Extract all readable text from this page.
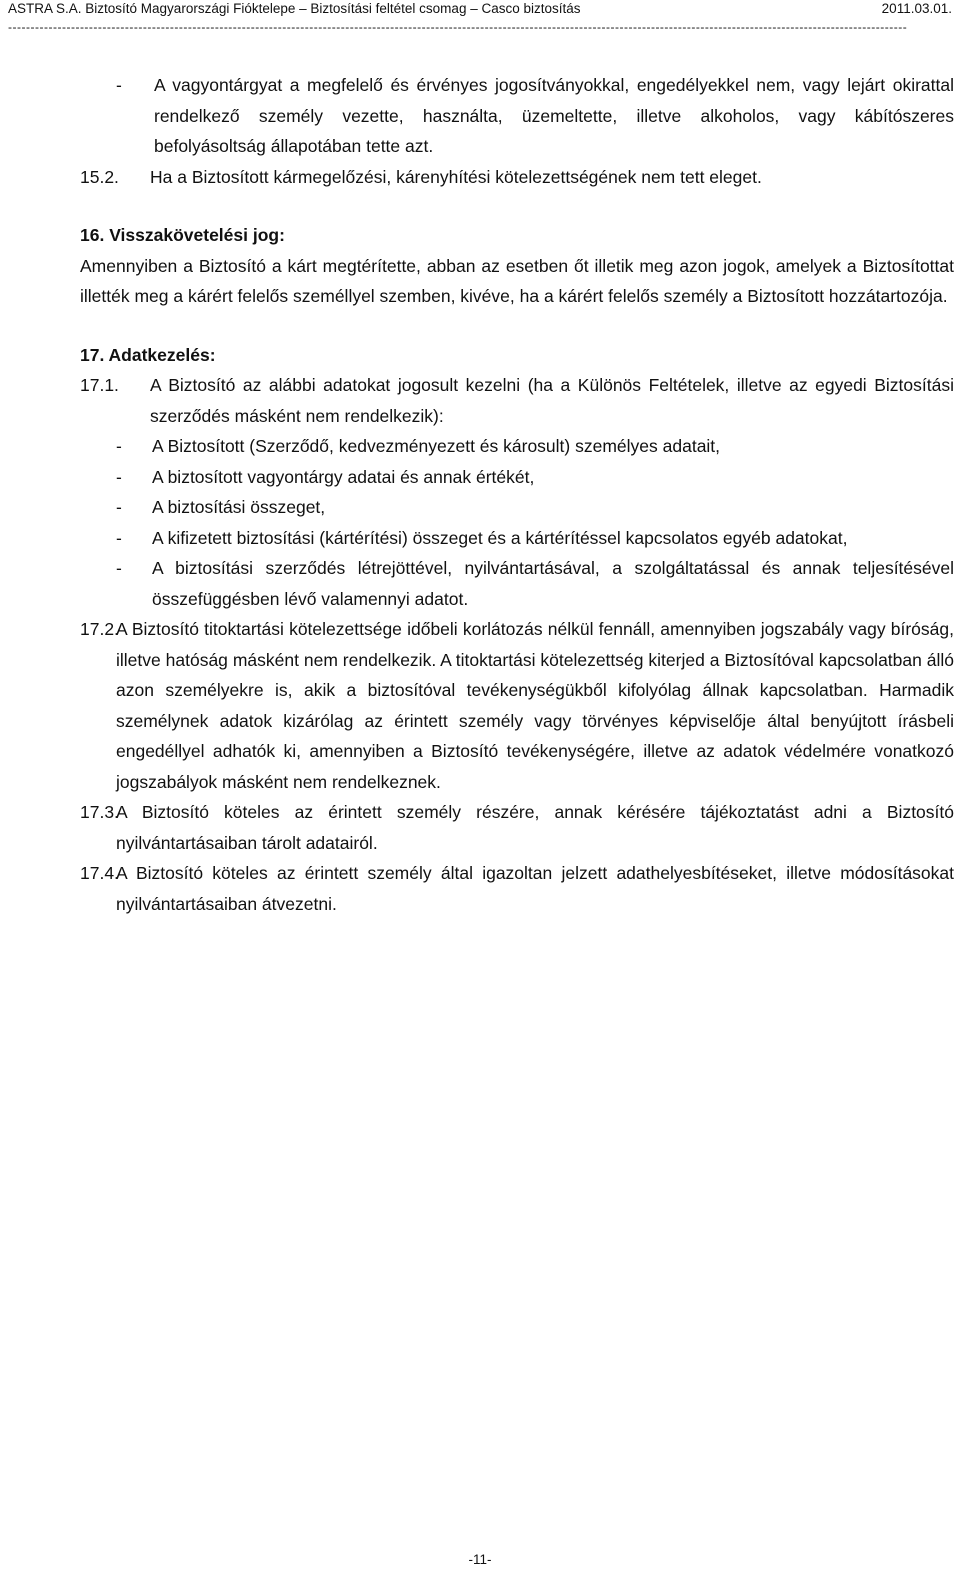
ASTRA S.A. Biztosító Magyarországi Fióktelepe – Biztosítási feltétel csomag – Casco biztosítás	2011.03.01.
--------------------------------------------------------------------------------------------------------------------------------------------------------------------------------------------------------
-	A vagyontárgyat a megfelelő és érvényes jogosítványokkal, engedélyekkel nem, vagy lejárt okirattal rendelkező személy vezette, használta, üzemeltette, illetve alkoholos, vagy kábítószeres befolyásoltság állapotában tette azt.
15.2.	Ha a Biztosított kármegelőzési, kárenyhítési kötelezettségének nem tett eleget.

16. Visszakövetelési jog:

Amennyiben a Biztosító a kárt megtérítette, abban az esetben őt illetik meg azon jogok, amelyek a Biztosítottat illették meg a kárért felelős személlyel szemben, kivéve, ha a kárért felelős személy a Biztosított hozzátartozója.

17. Adatkezelés:

17.1.	A Biztosító az alábbi adatokat jogosult kezelni (ha a Különös Feltételek, illetve az egyedi Biztosítási szerződés másként nem rendelkezik):
-	A Biztosított (Szerződő, kedvezményezett és károsult) személyes adatait,
-	A biztosított vagyontárgy adatai és annak értékét,
-	A biztosítási összeget,
-	A kifizetett biztosítási (kártérítési) összeget és a kártérítéssel kapcsolatos egyéb adatokat,
-	A biztosítási szerződés létrejöttével, nyilvántartásával, a szolgáltatással és annak teljesítésével összefüggésben lévő valamennyi adatot.
17.2.
A Biztosító titoktartási kötelezettsége időbeli korlátozás nélkül fennáll, amennyiben jogszabály vagy bíróság, illetve hatóság másként nem rendelkezik. A titoktartási kötelezettség kiterjed a Biztosítóval kapcsolatban álló azon személyekre is, akik a biztosítóval tevékenységükből kifolyólag állnak kapcsolatban. Harmadik személynek adatok kizárólag az érintett személy vagy törvényes képviselője által benyújtott írásbeli engedéllyel adhatók ki, amennyiben a Biztosító tevékenységére, illetve az adatok védelmére vonatkozó jogszabályok másként nem rendelkeznek.
17.3.
A Biztosító köteles az érintett személy részére, annak kérésére tájékoztatást adni a Biztosító nyilvántartásaiban tárolt adatairól.
17.4.
A Biztosító köteles az érintett személy által igazoltan jelzett adathelyesbítéseket, illetve módosításokat nyilvántartásaiban átvezetni.
-11-
